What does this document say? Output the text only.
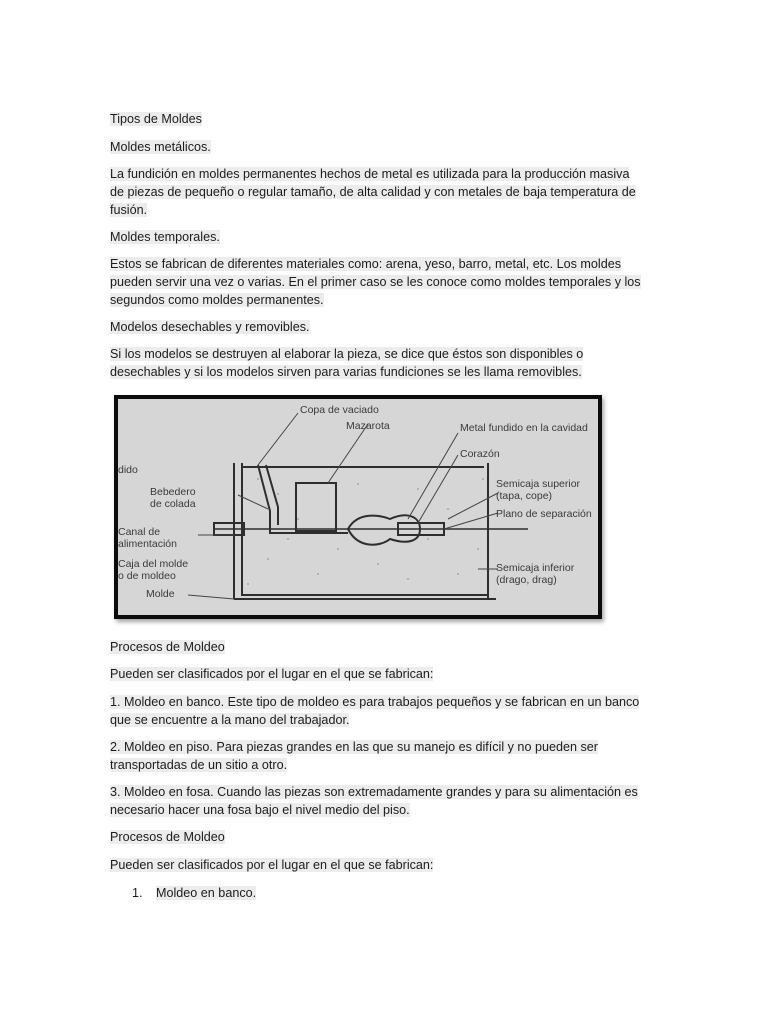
Tipos de Moldes

Moldes metálicos.

La fundición en moldes permanentes hechos de metal es utilizada para la producción masiva
de piezas de pequeño o regular tamaño, de alta calidad y con metales de baja temperatura de
fusión.

Moldes temporales.

Estos se fabrican de diferentes materiales como: arena, yeso, barro, metal, etc. Los moldes
pueden servir una vez o varias. En el primer caso se les conoce como moldes temporales y los
segundos como moldes permanentes.

Modelos desechables y removibles.

Si los modelos se destruyen al elaborar la pieza, se dice que éstos son disponibles o
desechables y si los modelos sirven para varias fundiciones se les llama removibles.
Copa de vaciado
Metal fundido en la cavidad
Mazarota
Corazón
dido
Bebedero
de colada
Semicaja superior
(tapa, cope)
Plano de separación
Canal de
alimentación
Caja del molde
o de moldeo
Semicaja inferior
(drago, drag)
Molde

Procesos de Moldeo

Pueden ser clasificados por el lugar en el que se fabrican:

1. Moldeo en banco. Este tipo de moldeo es para trabajos pequeños y se fabrican en un banco
que se encuentre a la mano del trabajador.
2. Moldeo en piso. Para piezas grandes en las que su manejo es difícil y no pueden ser
transportadas de un sitio a otro.
3. Moldeo en fosa. Cuando las piezas son extremadamente grandes y para su alimentación es
necesario hacer una fosa bajo el nivel medio del piso.

Procesos de Moldeo

Pueden ser clasificados por el lugar en el que se fabrican:

1. Moldeo en banco.
